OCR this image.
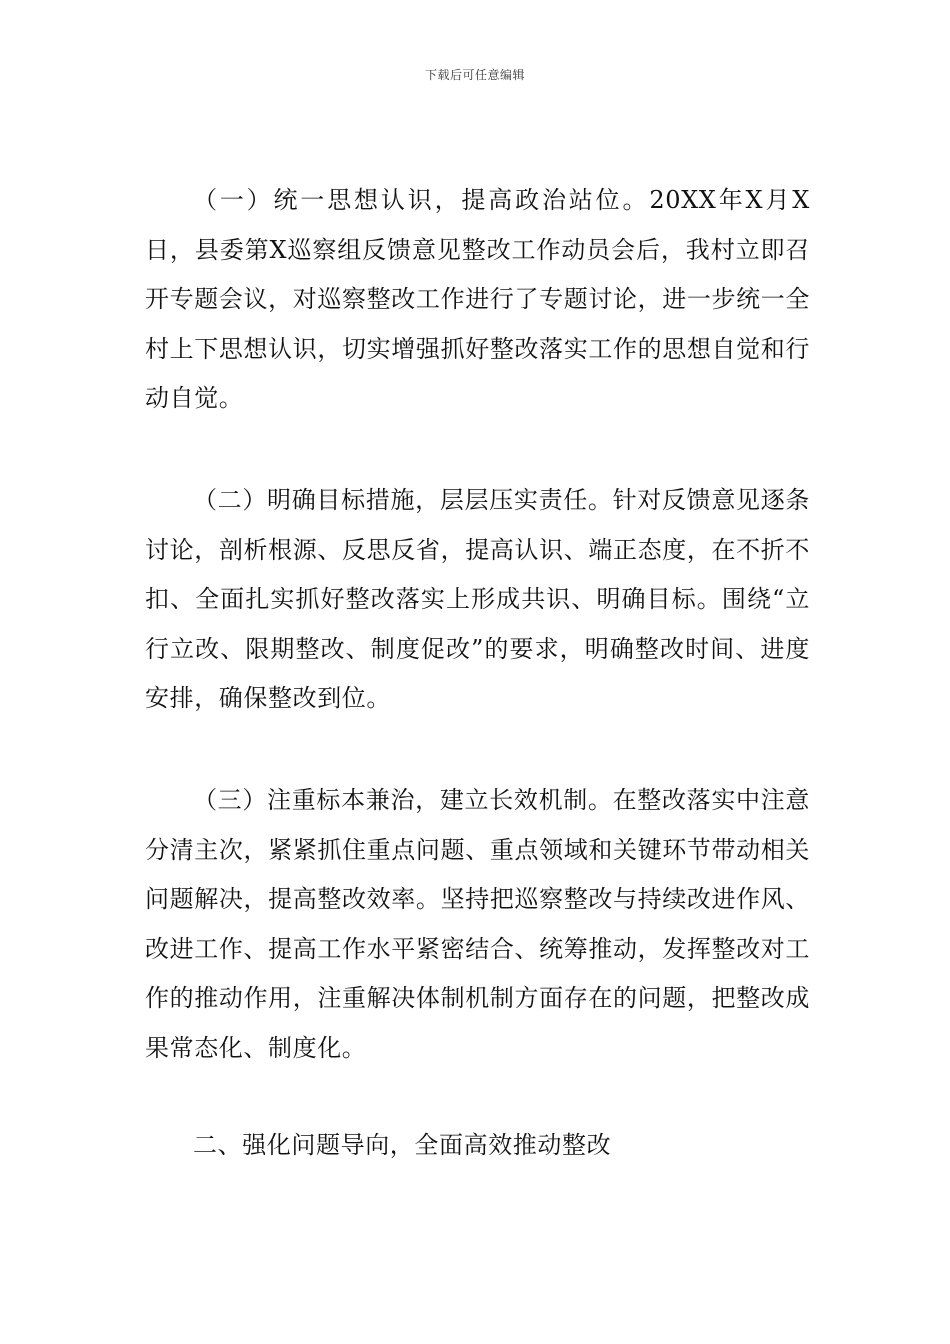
下载后可任意编辑

（一）统一思想认识，提高政治站位。20XX年X月X日，县委第X巡察组反馈意见整改工作动员会后，我村立即召开专题会议，对巡察整改工作进行了专题讨论，进一步统一全村上下思想认识，切实增强抓好整改落实工作的思想自觉和行动自觉。

（二）明确目标措施，层层压实责任。针对反馈意见逐条讨论，剖析根源、反思反省，提高认识、端正态度，在不折不扣、全面扎实抓好整改落实上形成共识、明确目标。围绕“立行立改、限期整改、制度促改”的要求，明确整改时间、进度安排，确保整改到位。

（三）注重标本兼治，建立长效机制。在整改落实中注意分清主次，紧紧抓住重点问题、重点领域和关键环节带动相关问题解决，提高整改效率。坚持把巡察整改与持续改进作风、改进工作、提高工作水平紧密结合、统筹推动，发挥整改对工作的推动作用，注重解决体制机制方面存在的问题，把整改成果常态化、制度化。

二、强化问题导向，全面高效推动整改
